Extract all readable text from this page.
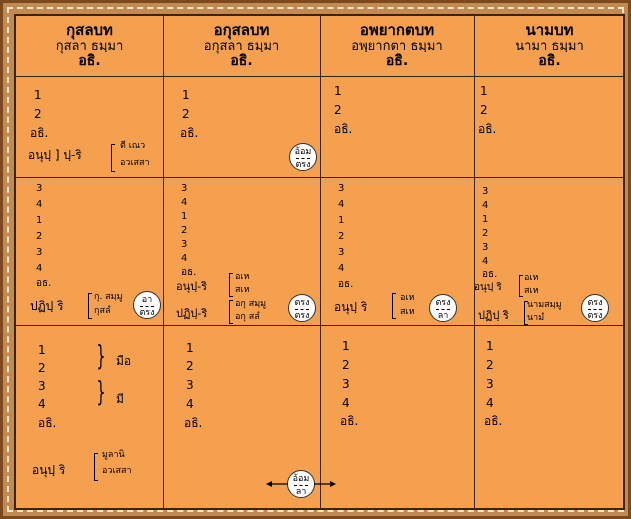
กุสลบท
กุสลา ธมฺมา
อธิ.
อกุสลบท
อกุสลา ธมฺมา
อธิ.
อพยากตบท
อพฺยากตา ธมฺมา
อธิ.
นามบท
นามา ธมฺมา
อธิ.
1
2
อธิ.
อนุปฺ ] ปฺ-ริ
ตี เณว
อวเสสา
1
2
อธิ.
อ้อม
ตรง
1
2
อธิ.
1
2
อธิ.
3
4
1
2
3
4
อธ.
ปฏิปฺ ริ
กุ. สมฺมู
กุสลํ
อา
ตรง
3
4
1
2
3
4
อธ.
อนุปฺ-ริ
อเห
สเห
ปฏิปฺ-ริ
อกุ สมฺมู
อกุ สลํ
ตรง
ตรง
3
4
1
2
3
4
อธ.
อนุปฺ ริ
อเห
สเห
ตรง
ลา
3
4
1
2
3
4
อธ.
อนุปฺ ริ
อเห
สเห
ปฏิปฺ ริ
นามสมฺมู
นามํ
ตรง
ตรง
1
2
3
4
อธิ.
} มือ
} มี
อนุปฺ ริ
มูลานิ
อวเสสา
1
2
3
4
อธิ.
อ้อม
ลา
1
2
3
4
อธิ.
1
2
3
4
อธิ.
